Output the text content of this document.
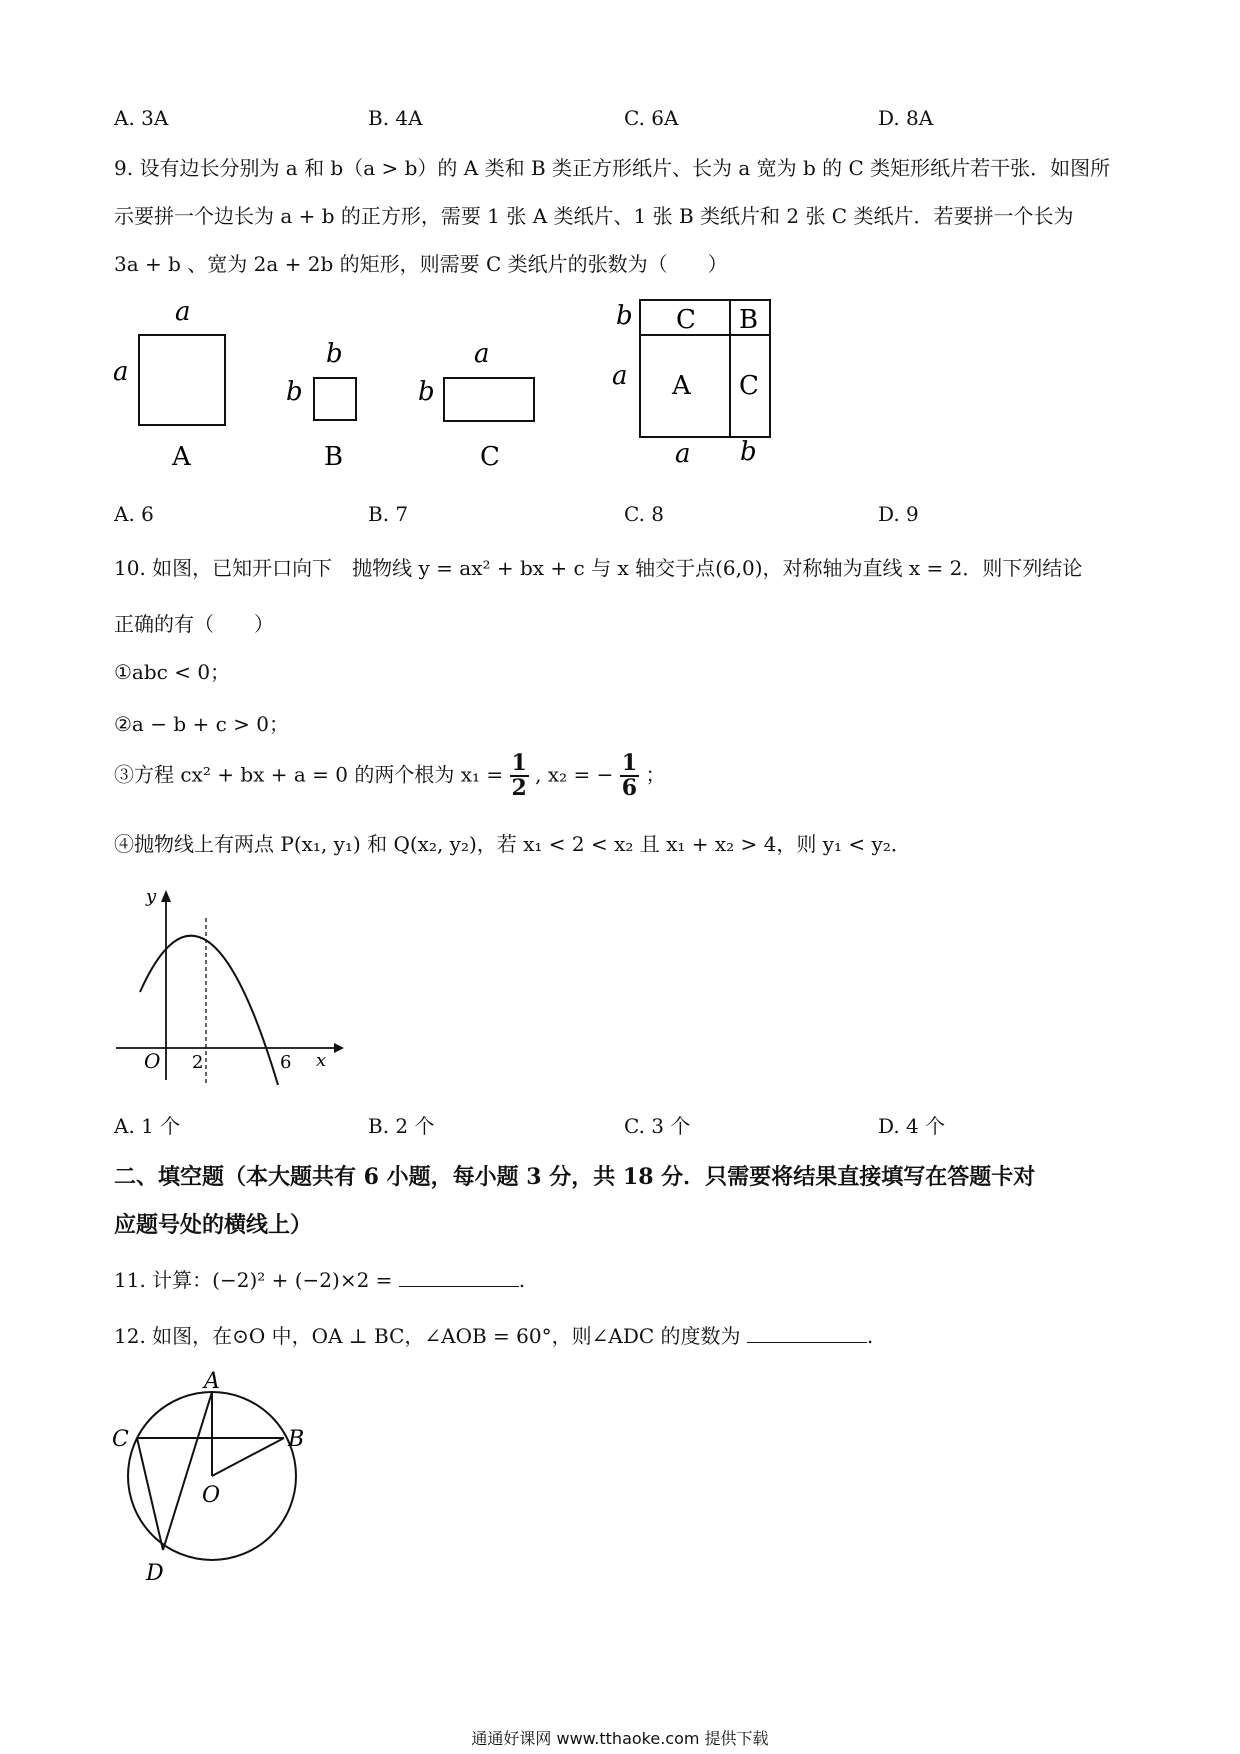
A. 3A	B. 4A	C. 6A	D. 8A
9. 设有边长分别为 a 和 b（a > b）的 A 类和 B 类正方形纸片、长为 a 宽为 b 的 C 类矩形纸片若干张．如图所
示要拼一个边长为 a + b 的正方形，需要 1 张 A 类纸片、1 张 B 类纸片和 2 张 C 类纸片．若要拼一个长为
3a + b 、宽为 2a + 2b 的矩形，则需要 C 类纸片的张数为（　　）
a
a
A
b
b
B
a
b
C
C B
A C
b
a
a b
A. 6	B. 7	C. 8	D. 9
10. 如图，已知开口向下　抛物线 y = ax² + bx + c 与 x 轴交于点(6,0)，对称轴为直线 x = 2．则下列结论
正确的有（　　）
①abc < 0；
②a − b + c > 0；
③方程 cx² + bx + a = 0 的两个根为 $x_1 = \frac{1}{2}$ , x₂ = − $\frac{1}{6}$ ；
④抛物线上有两点 P(x₁, y₁) 和 Q(x₂, y₂)，若 x₁ < 2 < x₂ 且 x₁ + x₂ > 4，则 y₁ < y₂．
y
x
O 2	6
A. 1 个	B. 2 个	C. 3 个	D. 4 个
二、填空题（本大题共有 6 小题，每小题 3 分，共 18 分．只需要将结果直接填写在答题卡对
应题号处的横线上）
11. 计算：(−2)² + (−2)×2 =	.
12. 如图，在⊙O 中，OA ⊥ BC，∠AOB = 60°，则∠ADC 的度数为	.
A
B
C
D
O
通通好课网 www.tthaoke.com 提供下载
